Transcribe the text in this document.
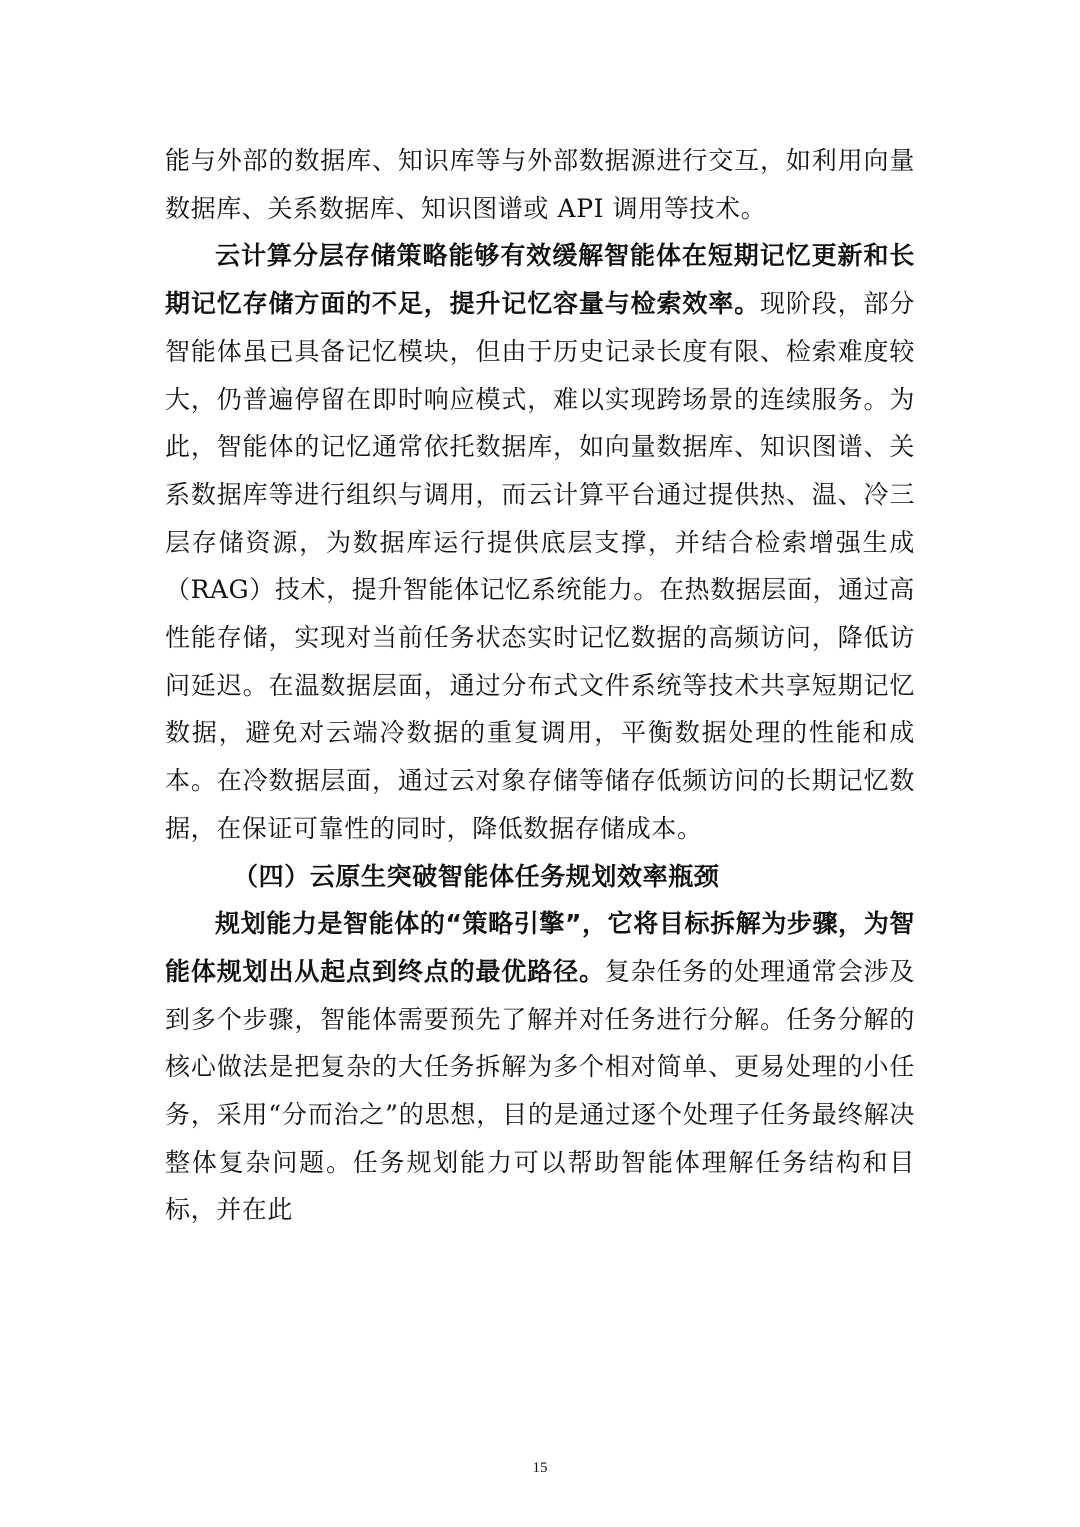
能与外部的数据库、知识库等与外部数据源进行交互，如利用向量数据库、关系数据库、知识图谱或 API 调用等技术。

云计算分层存储策略能够有效缓解智能体在短期记忆更新和长期记忆存储方面的不足，提升记忆容量与检索效率。现阶段，部分智能体虽已具备记忆模块，但由于历史记录长度有限、检索难度较大，仍普遍停留在即时响应模式，难以实现跨场景的连续服务。为此，智能体的记忆通常依托数据库，如向量数据库、知识图谱、关系数据库等进行组织与调用，而云计算平台通过提供热、温、冷三层存储资源，为数据库运行提供底层支撑，并结合检索增强生成（RAG）技术，提升智能体记忆系统能力。在热数据层面，通过高性能存储，实现对当前任务状态实时记忆数据的高频访问，降低访问延迟。在温数据层面，通过分布式文件系统等技术共享短期记忆数据，避免对云端冷数据的重复调用，平衡数据处理的性能和成本。在冷数据层面，通过云对象存储等储存低频访问的长期记忆数据，在保证可靠性的同时，降低数据存储成本。

（四）云原生突破智能体任务规划效率瓶颈

规划能力是智能体的“策略引擎”，它将目标拆解为步骤，为智能体规划出从起点到终点的最优路径。复杂任务的处理通常会涉及到多个步骤，智能体需要预先了解并对任务进行分解。任务分解的核心做法是把复杂的大任务拆解为多个相对简单、更易处理的小任务，采用“分而治之”的思想，目的是通过逐个处理子任务最终解决整体复杂问题。任务规划能力可以帮助智能体理解任务结构和目标，并在此

15
